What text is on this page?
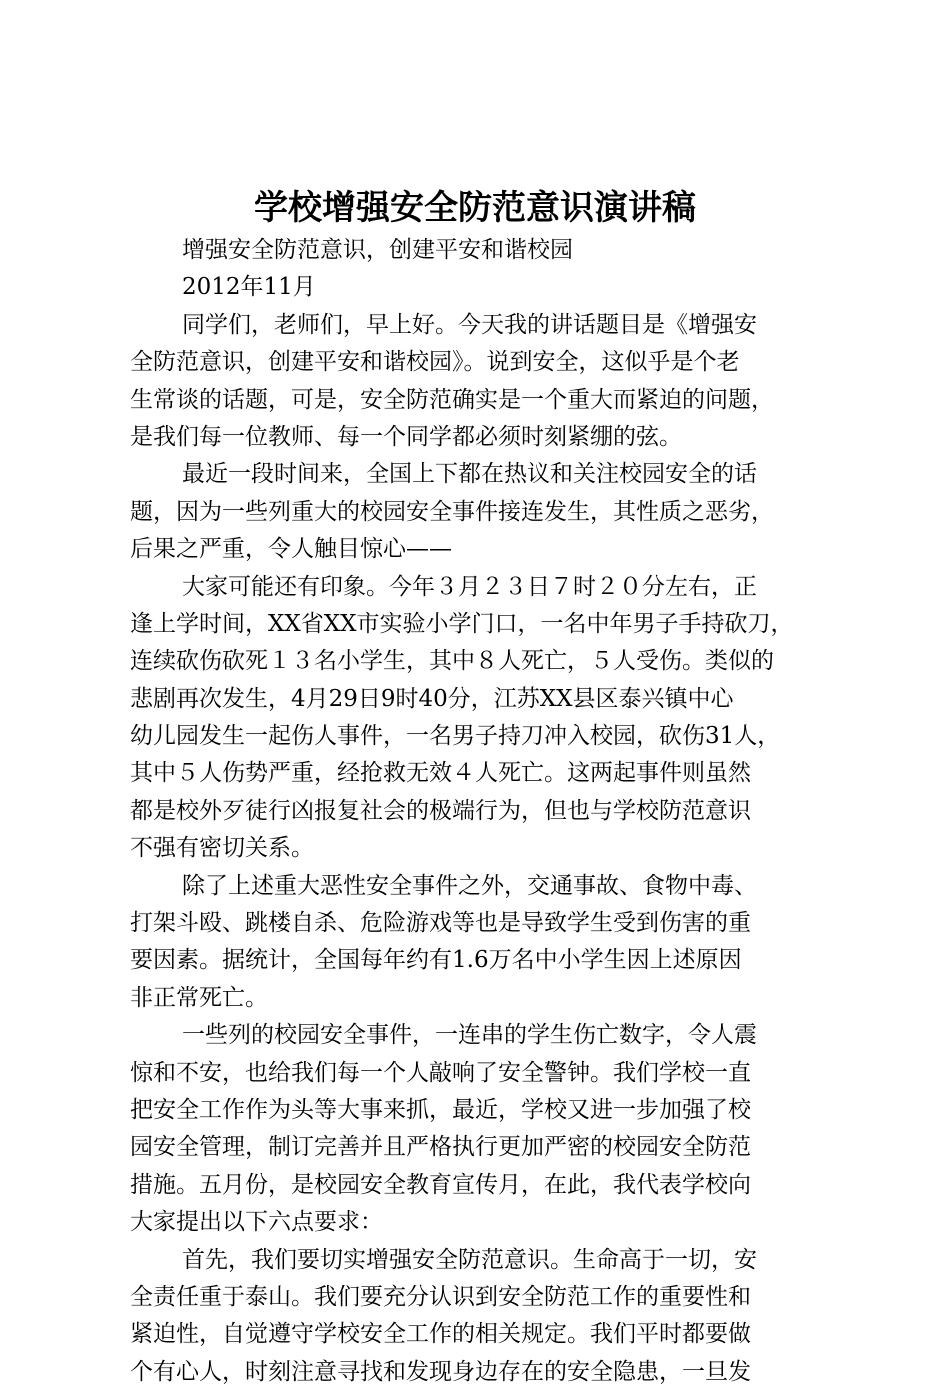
学校增强安全防范意识演讲稿
增强安全防范意识，创建平安和谐校园
2012年11月
同学们，老师们，早上好。今天我的讲话题目是《增强安
全防范意识，创建平安和谐校园》。说到安全，这似乎是个老
生常谈的话题，可是，安全防范确实是一个重大而紧迫的问题，
是我们每一位教师、每一个同学都必须时刻紧绷的弦。
最近一段时间来，全国上下都在热议和关注校园安全的话
题，因为一些列重大的校园安全事件接连发生，其性质之恶劣，
后果之严重，令人触目惊心——
大家可能还有印象。今年３月２３日７时２０分左右，正
逢上学时间，XX省XX市实验小学门口，一名中年男子手持砍刀，
连续砍伤砍死１３名小学生，其中８人死亡，５人受伤。类似的
悲剧再次发生，4月29日9时40分，江苏XX县区泰兴镇中心
幼儿园发生一起伤人事件，一名男子持刀冲入校园，砍伤31人，
其中５人伤势严重，经抢救无效４人死亡。这两起事件则虽然
都是校外歹徒行凶报复社会的极端行为，但也与学校防范意识
不强有密切关系。
除了上述重大恶性安全事件之外，交通事故、食物中毒、
打架斗殴、跳楼自杀、危险游戏等也是导致学生受到伤害的重
要因素。据统计，全国每年约有1.6万名中小学生因上述原因
非正常死亡。
一些列的校园安全事件，一连串的学生伤亡数字，令人震
惊和不安，也给我们每一个人敲响了安全警钟。我们学校一直
把安全工作作为头等大事来抓，最近，学校又进一步加强了校
园安全管理，制订完善并且严格执行更加严密的校园安全防范
措施。五月份，是校园安全教育宣传月，在此，我代表学校向
大家提出以下六点要求：
首先，我们要切实增强安全防范意识。生命高于一切，安
全责任重于泰山。我们要充分认识到安全防范工作的重要性和
紧迫性，自觉遵守学校安全工作的相关规定。我们平时都要做
个有心人，时刻注意寻找和发现身边存在的安全隐患，一旦发
